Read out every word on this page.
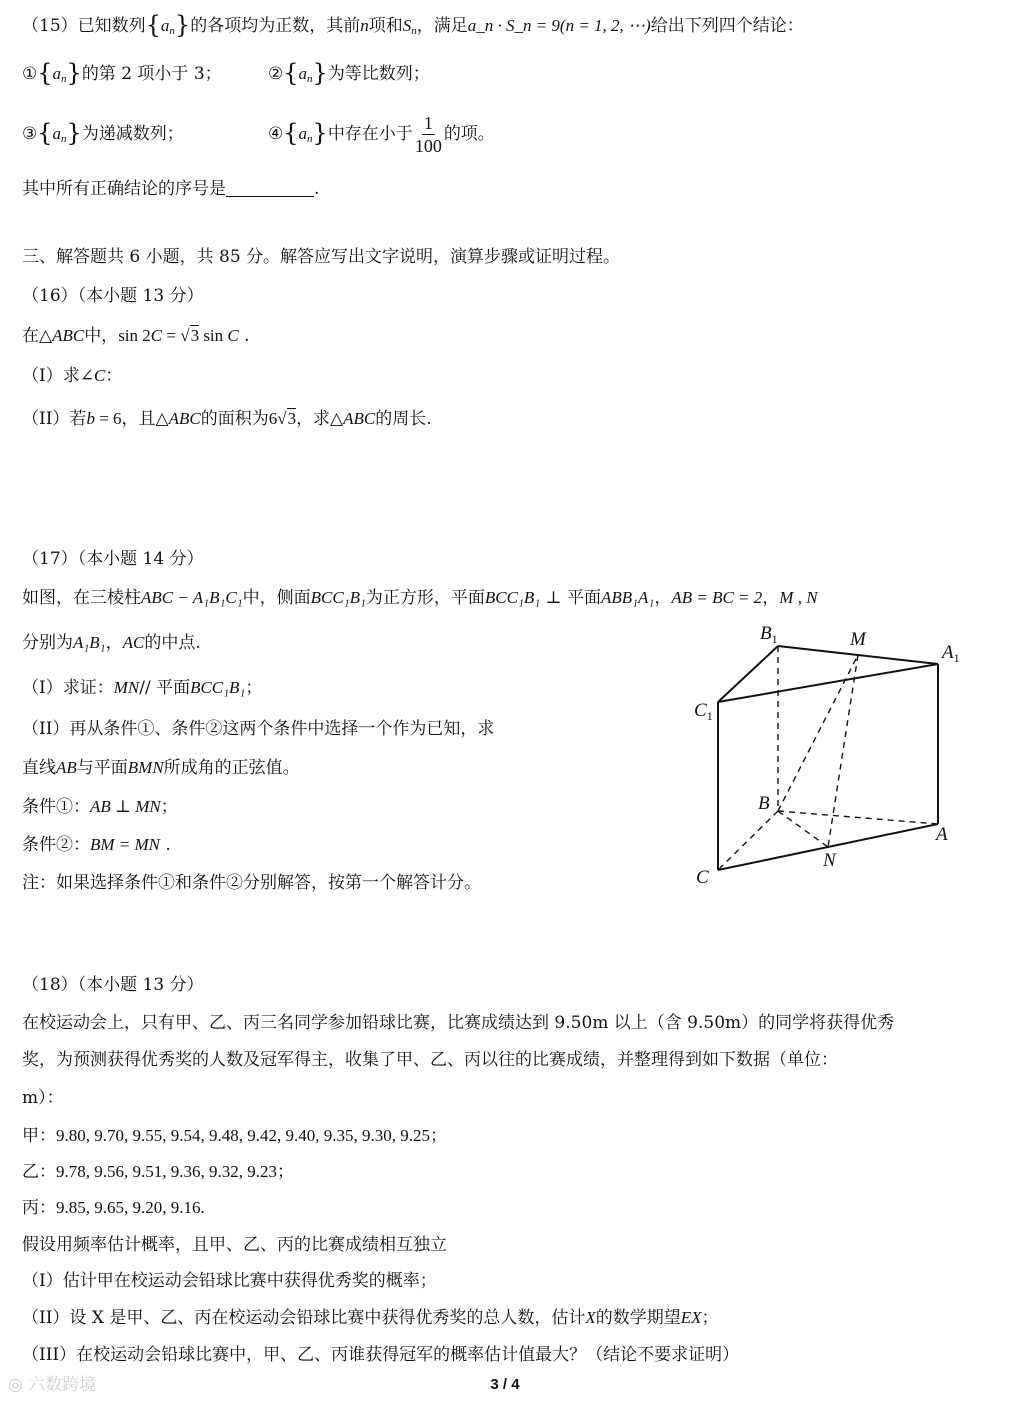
（15）已知数列$\{a_n\}$的各项均为正数，其前n项和$S_n$，满足a_n · S_n = 9(n = 1, 2, ⋯)给出下列四个结论：
$①\{a_n\}$的第 2 项小于 3；	$②\{a_n\}$为等比数列；
$③\{a_n\}$为递减数列；	$④\{a_n\}$中存在小于 $\frac{1}{100}$ 的项。
其中所有正确结论的序号是	.
三、解答题共 6 小题，共 85 分。解答应写出文字说明，演算步骤或证明过程。
（16）（本小题 13 分）
在△ABC中，sin 2C = √3 sin C .
（I）求∠C：
（II）若b = 6，且△ABC的面积为6√3，求△ABC的周长.
（17）（本小题 14 分）
如图，在三棱柱ABC − A₁B₁C₁中，侧面BCC₁B₁为正方形，平面BCC₁B₁ ⊥ 平面ABB₁A₁，AB = BC = 2，M , N
分别为A₁B₁，AC的中点.
（I）求证：MN// 平面BCC₁B₁；
（II）再从条件①、条件②这两个条件中选择一个作为已知，求
直线AB与平面BMN所成角的正弦值。
条件①：AB ⊥ MN；
条件②：BM = MN .
注：如果选择条件①和条件②分别解答，按第一个解答计分。
$B_1$	M
$A_1$
$C_1$
B
A
N
C
（18）（本小题 13 分）
在校运动会上，只有甲、乙、丙三名同学参加铅球比赛，比赛成绩达到 9.50m 以上（含 9.50m）的同学将获得优秀
奖，为预测获得优秀奖的人数及冠军得主，收集了甲、乙、丙以往的比赛成绩，并整理得到如下数据（单位：
m）：
甲：9.80, 9.70, 9.55, 9.54, 9.48, 9.42, 9.40, 9.35, 9.30, 9.25；
乙：9.78, 9.56, 9.51, 9.36, 9.32, 9.23；
丙：9.85, 9.65, 9.20, 9.16.
假设用频率估计概率，且甲、乙、丙的比赛成绩相互独立
（I）估计甲在校运动会铅球比赛中获得优秀奖的概率；
（II）设 X 是甲、乙、丙在校运动会铅球比赛中获得优秀奖的总人数，估计X的数学期望EX；
（III）在校运动会铅球比赛中，甲、乙、丙谁获得冠军的概率估计值最大？（结论不要求证明）
◎ 六数跨境	3 / 4
